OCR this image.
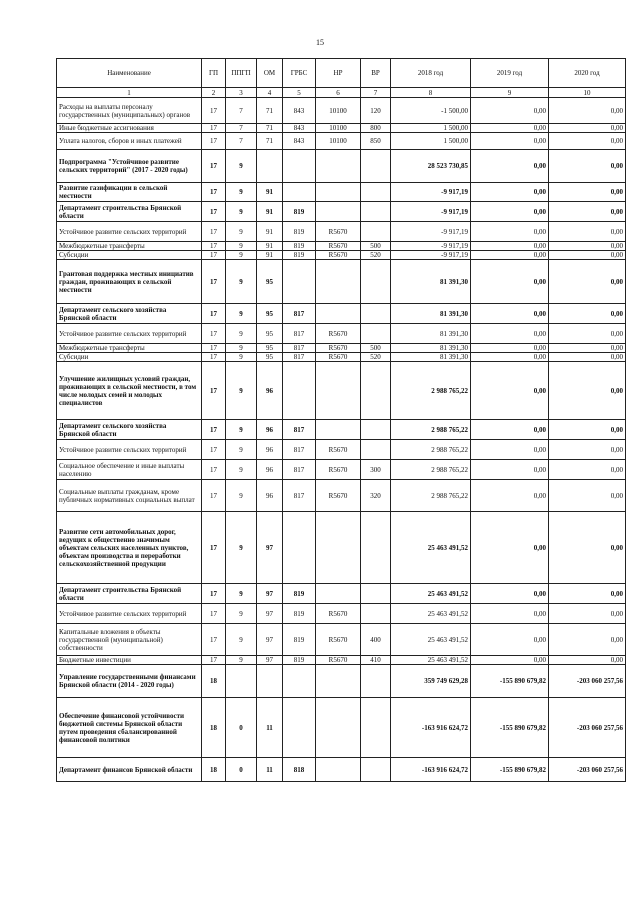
15
Наименование	ГП	ППГП	ОМ	ГРБС	НР	ВР	2018 год	2019 год	2020 год
1	2	3	4	5	6	7	8	9	10
Расходы на выплаты персоналу государственных (муниципальных) органов	17	7	71	843	10100	120	-1 500,00	0,00	0,00
Иные бюджетные ассигнования	17	7	71	843	10100	800	1 500,00	0,00	0,00
Уплата налогов, сборов и иных платежей	17	7	71	843	10100	850	1 500,00	0,00	0,00
Подпрограмма "Устойчивое развитие сельских территорий" (2017 - 2020 годы)	17	9					28 523 730,85	0,00	0,00
Развитие газификации в сельской местности	17	9	91				-9 917,19	0,00	0,00
Департамент строительства Брянской области	17	9	91	819			-9 917,19	0,00	0,00
Устойчивое развитие сельских территорий	17	9	91	819	R5670		-9 917,19	0,00	0,00
Межбюджетные трансферты	17	9	91	819	R5670	500	-9 917,19	0,00	0,00
Субсидии	17	9	91	819	R5670	520	-9 917,19	0,00	0,00
Грантовая поддержка местных инициатив граждан, проживающих в сельской местности	17	9	95				81 391,30	0,00	0,00
Департамент сельского хозяйства Брянской области	17	9	95	817			81 391,30	0,00	0,00
Устойчивое развитие сельских территорий	17	9	95	817	R5670		81 391,30	0,00	0,00
Межбюджетные трансферты	17	9	95	817	R5670	500	81 391,30	0,00	0,00
Субсидии	17	9	95	817	R5670	520	81 391,30	0,00	0,00
Улучшение жилищных условий граждан, проживающих в сельской местности, в том числе молодых семей и молодых специалистов	17	9	96				2 988 765,22	0,00	0,00
Департамент сельского хозяйства Брянской области	17	9	96	817			2 988 765,22	0,00	0,00
Устойчивое развитие сельских территорий	17	9	96	817	R5670		2 988 765,22	0,00	0,00
Социальное обеспечение и иные выплаты населению	17	9	96	817	R5670	300	2 988 765,22	0,00	0,00
Социальные выплаты гражданам, кроме публичных нормативных социальных выплат	17	9	96	817	R5670	320	2 988 765,22	0,00	0,00
Развитие сети автомобильных дорог, ведущих к общественно значимым объектам сельских населенных пунктов, объектам производства и переработки сельскохозяйственной продукции	17	9	97				25 463 491,52	0,00	0,00
Департамент строительства Брянской области	17	9	97	819			25 463 491,52	0,00	0,00
Устойчивое развитие сельских территорий	17	9	97	819	R5670		25 463 491,52	0,00	0,00
Капитальные вложения в объекты государственной (муниципальной) собственности	17	9	97	819	R5670	400	25 463 491,52	0,00	0,00
Бюджетные инвестиции	17	9	97	819	R5670	410	25 463 491,52	0,00	0,00
Управление государственными финансами Брянской области (2014 - 2020 годы)	18						359 749 629,28	-155 890 679,82	-203 060 257,56
Обеспечение финансовой устойчивости бюджетной системы Брянской области путем проведения сбалансированной финансовой политики	18	0	11				-163 916 624,72	-155 890 679,82	-203 060 257,56
Департамент финансов Брянской области	18	0	11	818			-163 916 624,72	-155 890 679,82	-203 060 257,56
